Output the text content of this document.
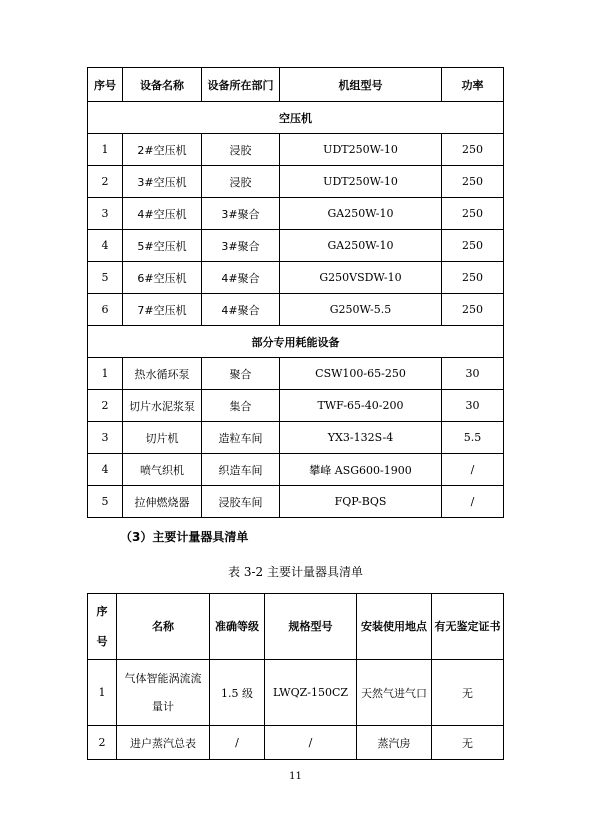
序号	设备名称	设备所在部门	机组型号	功率
空压机				
1	2#空压机	浸胶	UDT250W-10	250
2	3#空压机	浸胶	UDT250W-10	250
3	4#空压机	3#聚合	GA250W-10	250
4	5#空压机	3#聚合	GA250W-10	250
5	6#空压机	4#聚合	G250VSDW-10	250
6	7#空压机	4#聚合	G250W-5.5	250
部分专用耗能设备				
1	热水循环泵	聚合	CSW100-65-250	30
2	切片水泥浆泵	集合	TWF-65-40-200	30
3	切片机	造粒车间	YX3-132S-4	5.5
4	喷气织机	织造车间	攀峰 ASG600-1900	/
5	拉伸燃烧器	浸胶车间	FQP-BQS	/
（3）主要计量器具清单
表 3-2 主要计量器具清单
序号	名称	准确等级	规格型号	安装使用地点	有无鉴定证书
1	气体智能涡流流量计	1.5 级	LWQZ-150CZ	天然气进气口	无
2	进户蒸汽总表	/	/	蒸汽房	无
11
